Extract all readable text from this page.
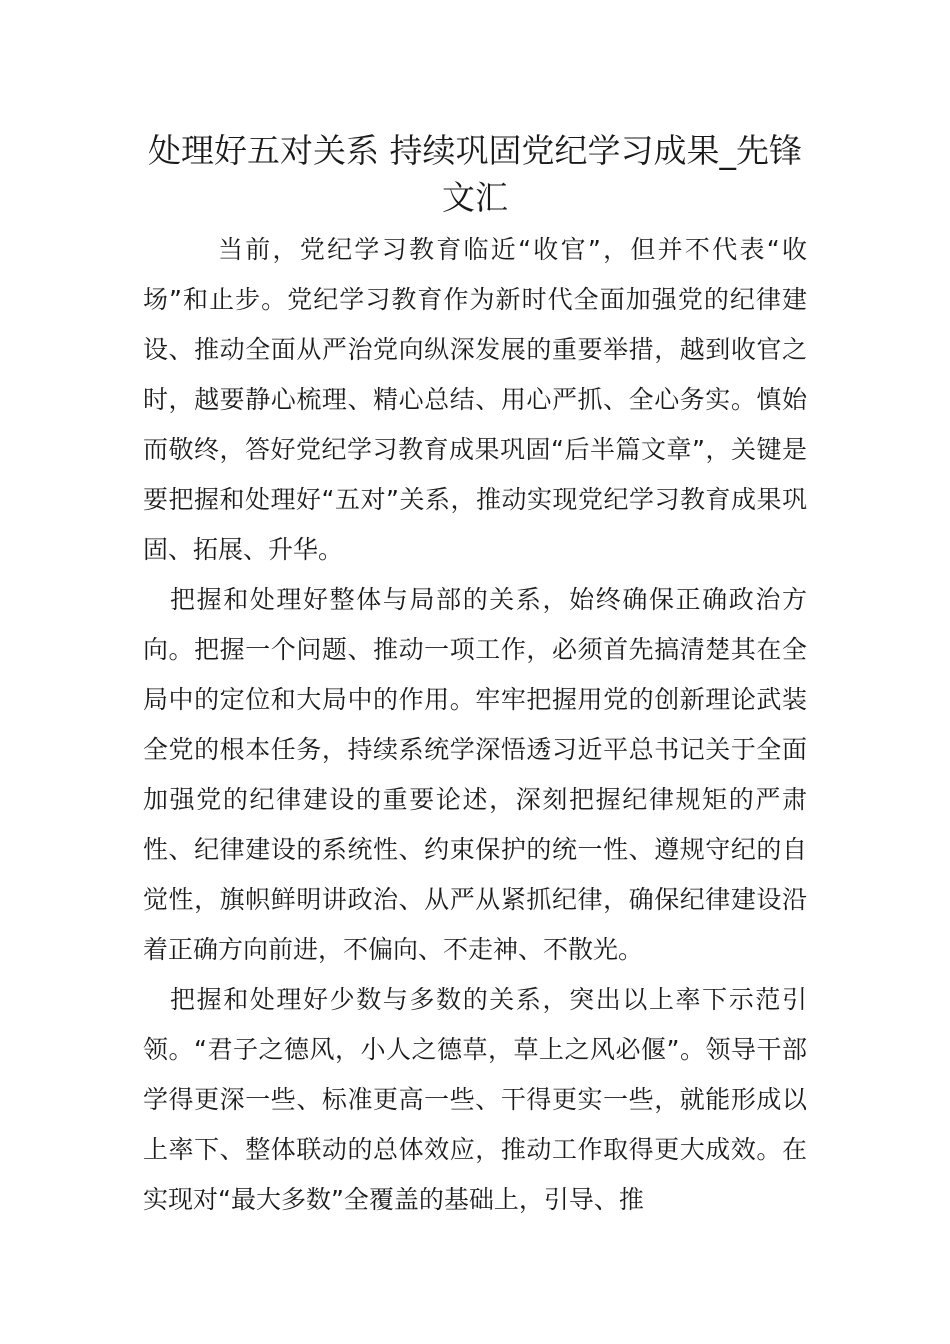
处理好五对关系 持续巩固党纪学习成果_先锋文汇

当前，党纪学习教育临近“收官”，但并不代表“收场”和止步。党纪学习教育作为新时代全面加强党的纪律建设、推动全面从严治党向纵深发展的重要举措，越到收官之时，越要静心梳理、精心总结、用心严抓、全心务实。慎始而敬终，答好党纪学习教育成果巩固“后半篇文章”，关键是要把握和处理好“五对”关系，推动实现党纪学习教育成果巩固、拓展、升华。

把握和处理好整体与局部的关系，始终确保正确政治方向。把握一个问题、推动一项工作，必须首先搞清楚其在全局中的定位和大局中的作用。牢牢把握用党的创新理论武装全党的根本任务，持续系统学深悟透习近平总书记关于全面加强党的纪律建设的重要论述，深刻把握纪律规矩的严肃性、纪律建设的系统性、约束保护的统一性、遵规守纪的自觉性，旗帜鲜明讲政治、从严从紧抓纪律，确保纪律建设沿着正确方向前进，不偏向、不走神、不散光。

把握和处理好少数与多数的关系，突出以上率下示范引领。“君子之德风，小人之德草，草上之风必偃”。领导干部学得更深一些、标准更高一些、干得更实一些，就能形成以上率下、整体联动的总体效应，推动工作取得更大成效。在实现对“最大多数”全覆盖的基础上，引导、推
